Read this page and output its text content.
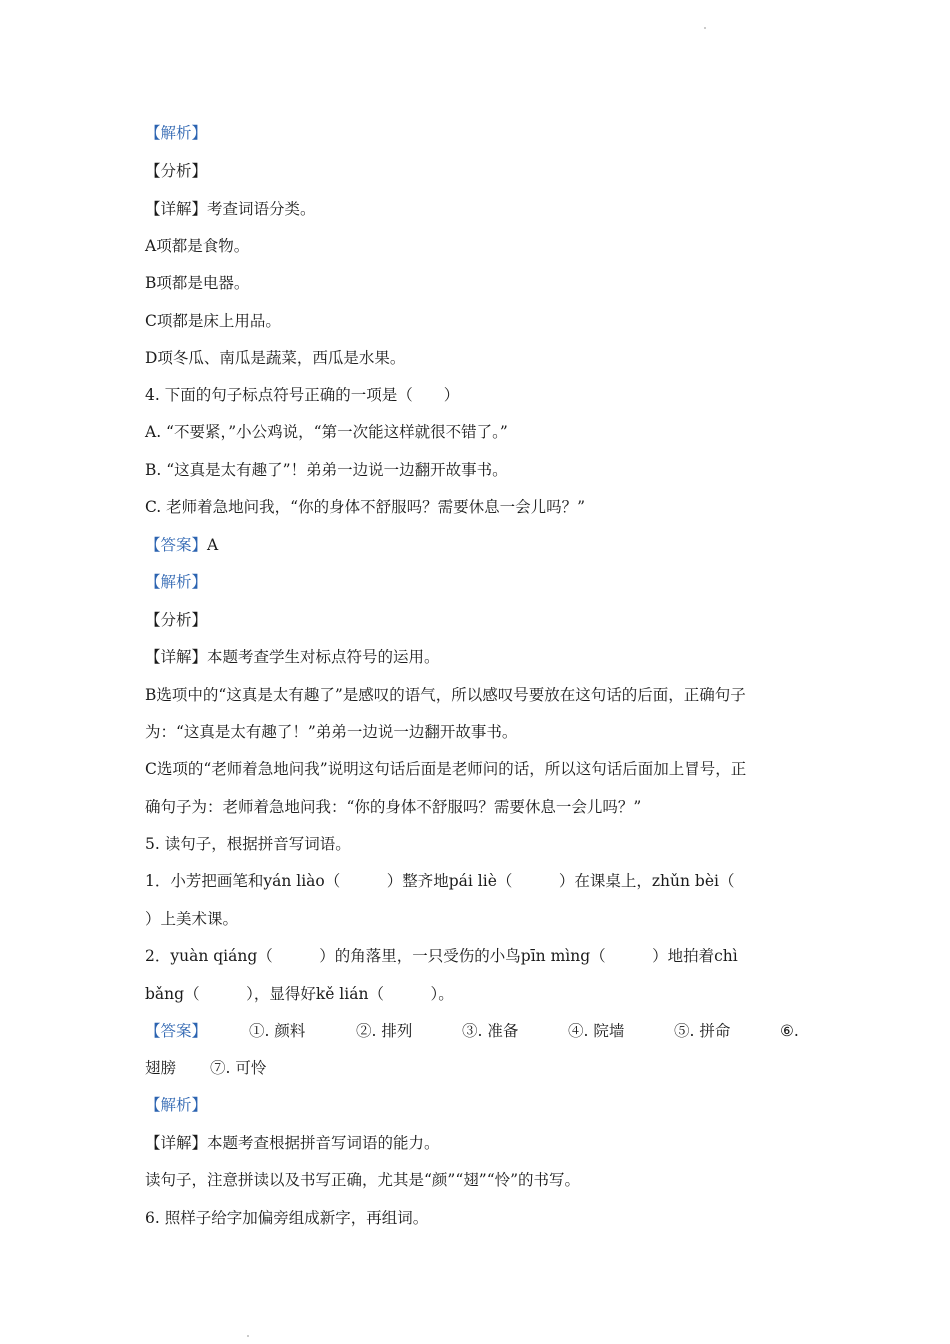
【解析】
【分析】
【详解】考查词语分类。
A项都是食物。
B项都是电器。
C项都是床上用品。
D项冬瓜、南瓜是蔬菜，西瓜是水果。
4. 下面的句子标点符号正确的一项是（　　）
A. “不要紧，”小公鸡说，“第一次能这样就很不错了。”
B. “这真是太有趣了”！弟弟一边说一边翻开故事书。
C. 老师着急地问我，“你的身体不舒服吗？需要休息一会儿吗？”
【答案】A
【解析】
【分析】
【详解】本题考查学生对标点符号的运用。
B选项中的“这真是太有趣了”是感叹的语气，所以感叹号要放在这句话的后面，正确句子
为：“这真是太有趣了！”弟弟一边说一边翻开故事书。
C选项的“老师着急地问我”说明这句话后面是老师问的话，所以这句话后面加上冒号，正
确句子为：老师着急地问我：“你的身体不舒服吗？需要休息一会儿吗？”
5. 读句子，根据拼音写词语。
1．小芳把画笔和yán liào（　　　）整齐地pái liè（　　　）在课桌上，zhǔn bèi（
）上美术课。
2．yuàn qiáng（　　　）的角落里，一只受伤的小鸟pīn mìng（　　　）地拍着chì
bǎng（　　　），显得好kě lián（　　　）。
【答案】	①. 颜料	②. 排列	③. 准备	④. 院墙	⑤. 拼命	⑥.
翅膀 ⑦. 可怜
【解析】
【详解】本题考查根据拼音写词语的能力。
读句子，注意拼读以及书写正确，尤其是“颜”“翅”“怜”的书写。
6. 照样子给字加偏旁组成新字，再组词。
